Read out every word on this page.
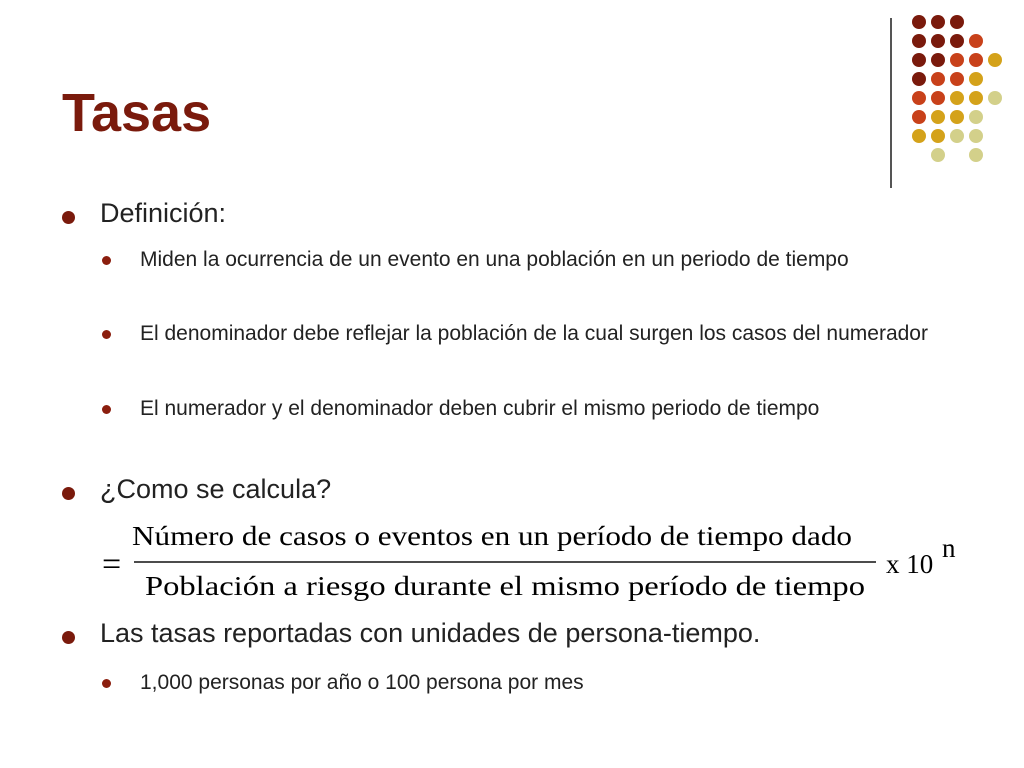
Tasas
Definición:
Miden la ocurrencia de un evento en una población en un periodo de tiempo
El denominador debe reflejar la población de la cual surgen los casos del numerador
El numerador y el denominador deben cubrir el mismo periodo de tiempo
¿Como se calcula?
=
Número de casos o eventos en un período de tiempo dado
Población a riesgo durante el mismo período de tiempo
x 10
n
Las tasas reportadas con unidades de persona-tiempo.
1,000 personas por año o 100 persona por mes
